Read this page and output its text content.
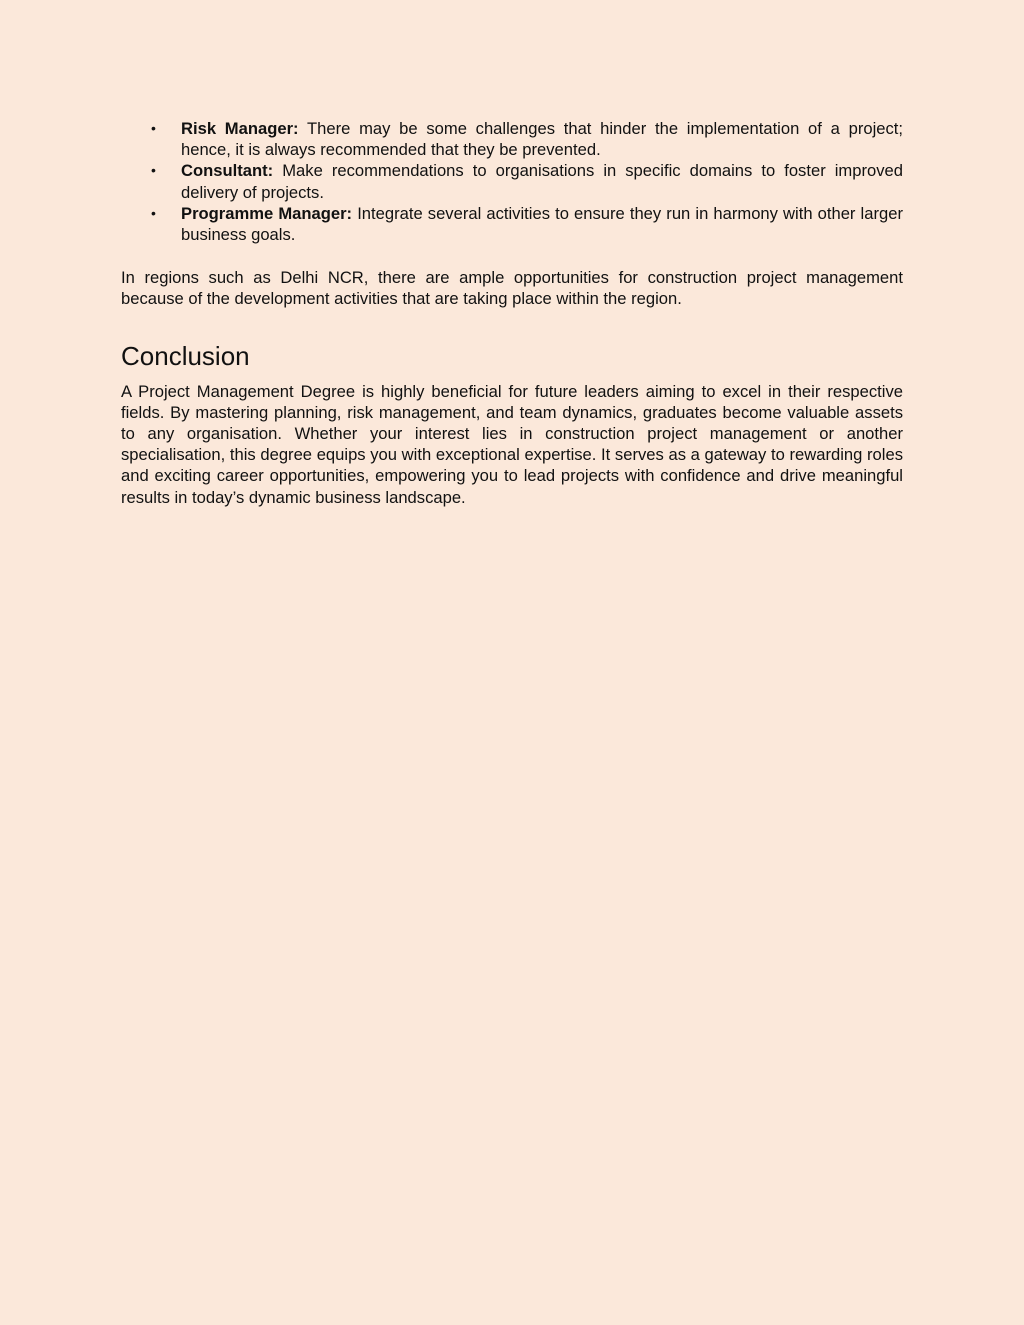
• Risk Manager: There may be some challenges that hinder the implementation of a project; hence, it is always recommended that they be prevented.
• Consultant: Make recommendations to organisations in specific domains to foster improved delivery of projects.
• Programme Manager: Integrate several activities to ensure they run in harmony with other larger business goals.

In regions such as Delhi NCR, there are ample opportunities for construction project management because of the development activities that are taking place within the region.

Conclusion

A Project Management Degree is highly beneficial for future leaders aiming to excel in their respective fields. By mastering planning, risk management, and team dynamics, graduates become valuable assets to any organisation. Whether your interest lies in construction project management or another specialisation, this degree equips you with exceptional expertise. It serves as a gateway to rewarding roles and exciting career opportunities, empowering you to lead projects with confidence and drive meaningful results in today’s dynamic business landscape.
